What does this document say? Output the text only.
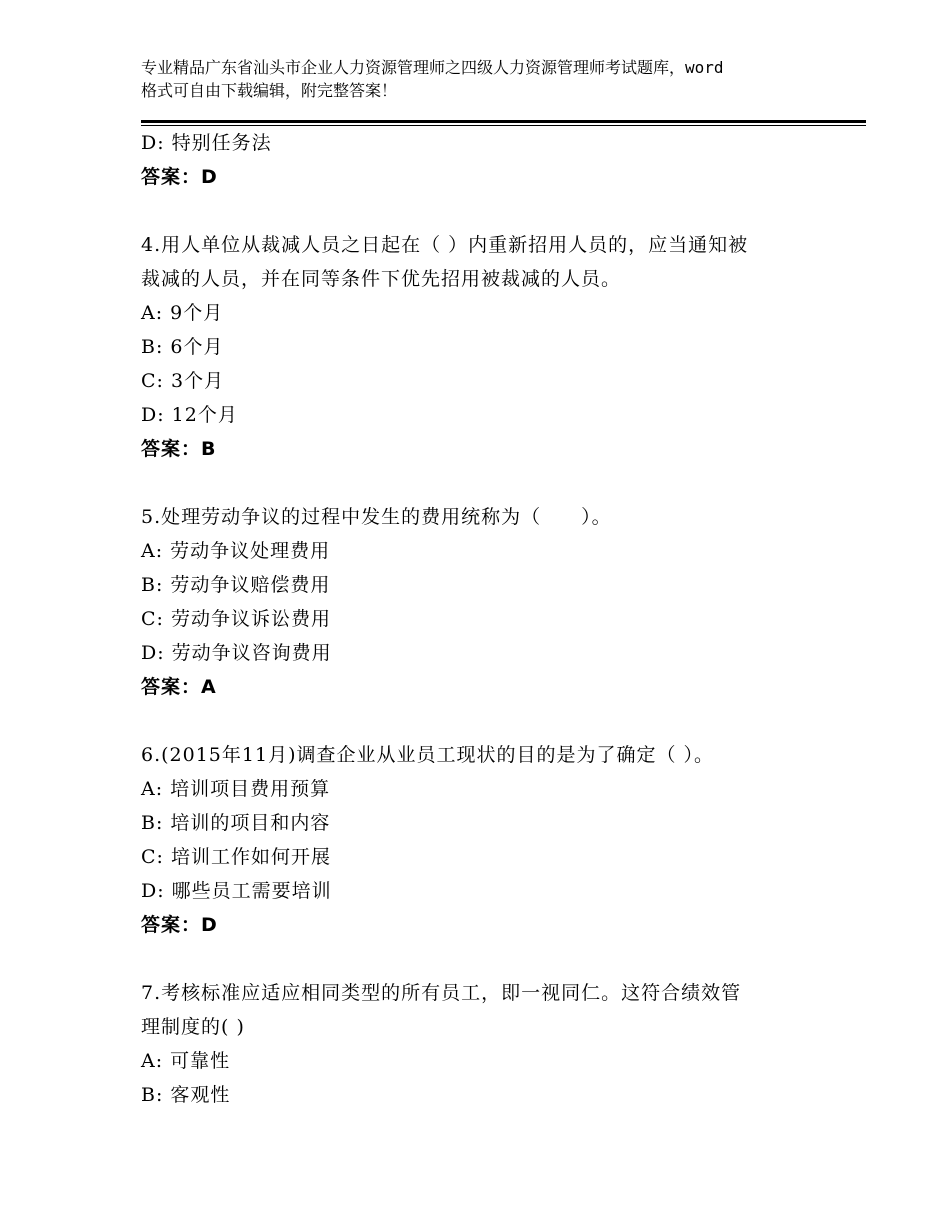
专业精品广东省汕头市企业人力资源管理师之四级人力资源管理师考试题库，word
格式可自由下载编辑，附完整答案！
D: 特别任务法
答案：D
4.用人单位从裁减人员之日起在（ ）内重新招用人员的，应当通知被
裁减的人员，并在同等条件下优先招用被裁减的人员。
A: 9个月
B: 6个月
C: 3个月
D: 12个月
答案：B
5.处理劳动争议的过程中发生的费用统称为（　　）。
A: 劳动争议处理费用
B: 劳动争议赔偿费用
C: 劳动争议诉讼费用
D: 劳动争议咨询费用
答案：A
6.(2015年11月)调查企业从业员工现状的目的是为了确定（ ）。
A: 培训项目费用预算
B: 培训的项目和内容
C: 培训工作如何开展
D: 哪些员工需要培训
答案：D
7.考核标准应适应相同类型的所有员工，即一视同仁。这符合绩效管
理制度的( )
A: 可靠性
B: 客观性
